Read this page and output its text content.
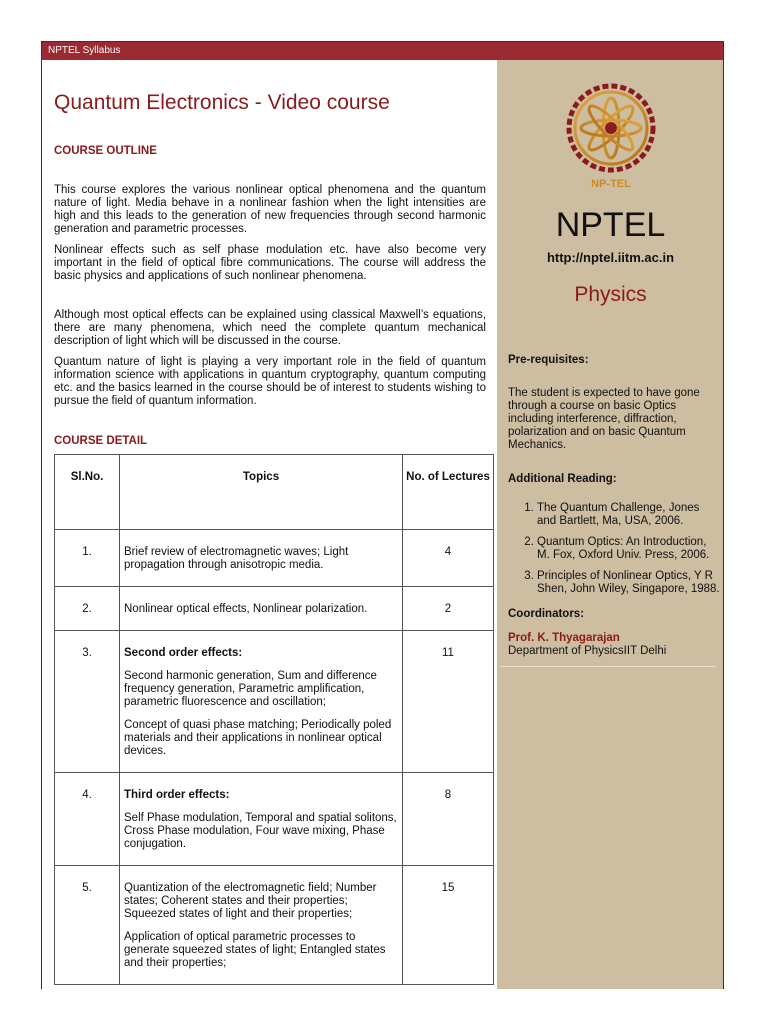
NPTEL Syllabus
Quantum Electronics - Video course
COURSE OUTLINE

This course explores the various nonlinear optical phenomena and the quantum nature of light. Media behave in a nonlinear fashion when the light intensities are high and this leads to the generation of new frequencies through second harmonic generation and parametric processes.

Nonlinear effects such as self phase modulation etc. have also become very important in the field of optical fibre communications. The course will address the basic physics and applications of such nonlinear phenomena.

Although most optical effects can be explained using classical Maxwell’s equations, there are many phenomena, which need the complete quantum mechanical description of light which will be discussed in the course.

Quantum nature of light is playing a very important role in the field of quantum information science with applications in quantum cryptography, quantum computing etc. and the basics learned in the course should be of interest to students wishing to pursue the field of quantum information.

COURSE DETAIL
Sl.No.	Topics	No. of Lectures

1.	Brief review of electromagnetic waves; Light propagation through anisotropic media.	4

2.	Nonlinear optical effects, Nonlinear polarization.	2

3.	Second order effects:

Second harmonic generation, Sum and difference frequency generation, Parametric amplification, parametric fluorescence and oscillation;

Concept of quasi phase matching; Periodically poled materials and their applications in nonlinear optical devices.	11

4.	Third order effects:

Self Phase modulation, Temporal and spatial solitons, Cross Phase modulation, Four wave mixing, Phase conjugation.	8

5.	Quantization of the electromagnetic field; Number states; Coherent states and their properties; Squeezed states of light and their properties;

Application of optical parametric processes to generate squeezed states of light; Entangled states and their properties;	15
NP-TEL
NPTEL
http://nptel.iitm.ac.in
Physics

Pre-requisites:

The student is expected to have gone through a course on basic Optics including interference, diffraction, polarization and on basic Quantum Mechanics.

Additional Reading:

1. The Quantum Challenge, Jones and Bartlett, Ma, USA, 2006.
2. Quantum Optics: An Introduction, M. Fox, Oxford Univ. Press, 2006.
3. Principles of Nonlinear Optics, Y R Shen, John Wiley, Singapore, 1988.

Coordinators:

Prof. K. Thyagarajan
Department of PhysicsIIT Delhi
